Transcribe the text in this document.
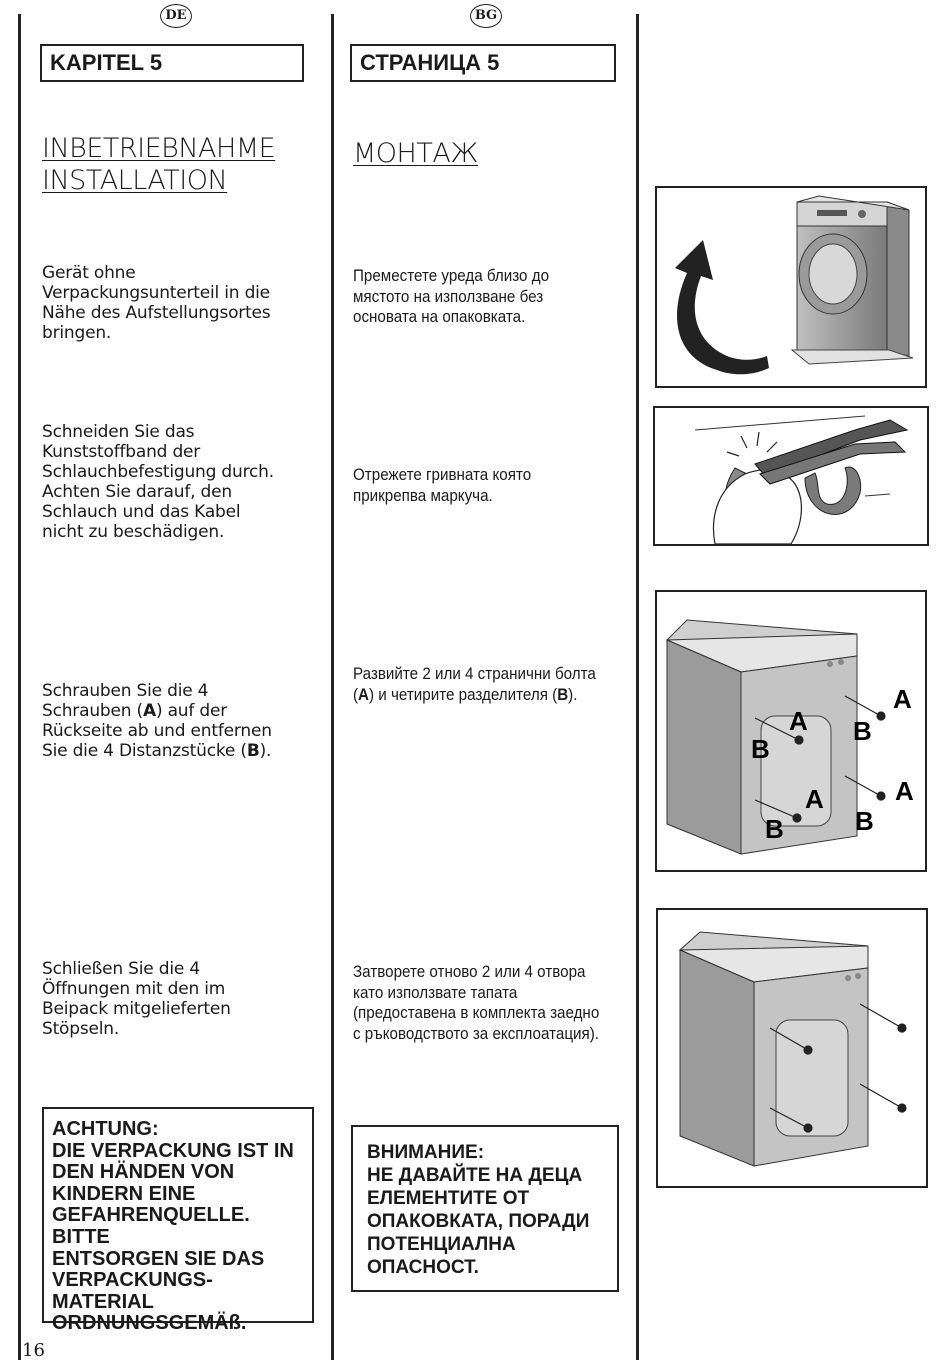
DE	BG
KAPITEL 5	СТРАНИЦА 5
INBETRIEBNAHME
INSTALLATION
МОНТАЖ
Gerät ohne
Verpackungsunterteil in die
Nähe des Aufstellungsortes
bringen.
Преместете уреда близо до
мястото на използване без
основата на опаковката.
Schneiden Sie das
Kunststoffband der
Schlauchbefestigung durch.
Achten Sie darauf, den
Schlauch und das Kabel
nicht zu beschädigen.
Отрежете гривната която
прикрепва маркуча.
Schrauben Sie die 4
Schrauben (A) auf der
Rückseite ab und entfernen
Sie die 4 Distanzstücke (B).
Развийте 2 или 4 странични болта
(A) и четирите разделителя (B).
Schließen Sie die 4
Öffnungen mit den im
Beipack mitgelieferten
Stöpseln.
Затворете отново 2 или 4 отвора
като използвате тапата
(предоставена в комплекта заедно
с ръководството за експлоатация).
ACHTUNG:
DIE VERPACKUNG IST IN
DEN HÄNDEN VON
KINDERN EINE
GEFAHRENQUELLE. BITTE
ENTSORGEN SIE DAS
VERPACKUNGS-
MATERIAL
ORDNUNGSGEMÄß.
ВНИМАНИЕ:
НЕ ДАВАЙТЕ НА ДЕЦА
ЕЛЕМЕНТИТЕ ОТ
ОПАКОВКАТА, ПОРАДИ
ПОТЕНЦИАЛНА
ОПАСНОСТ.
A
A
A	A
B
B
B	B
16
